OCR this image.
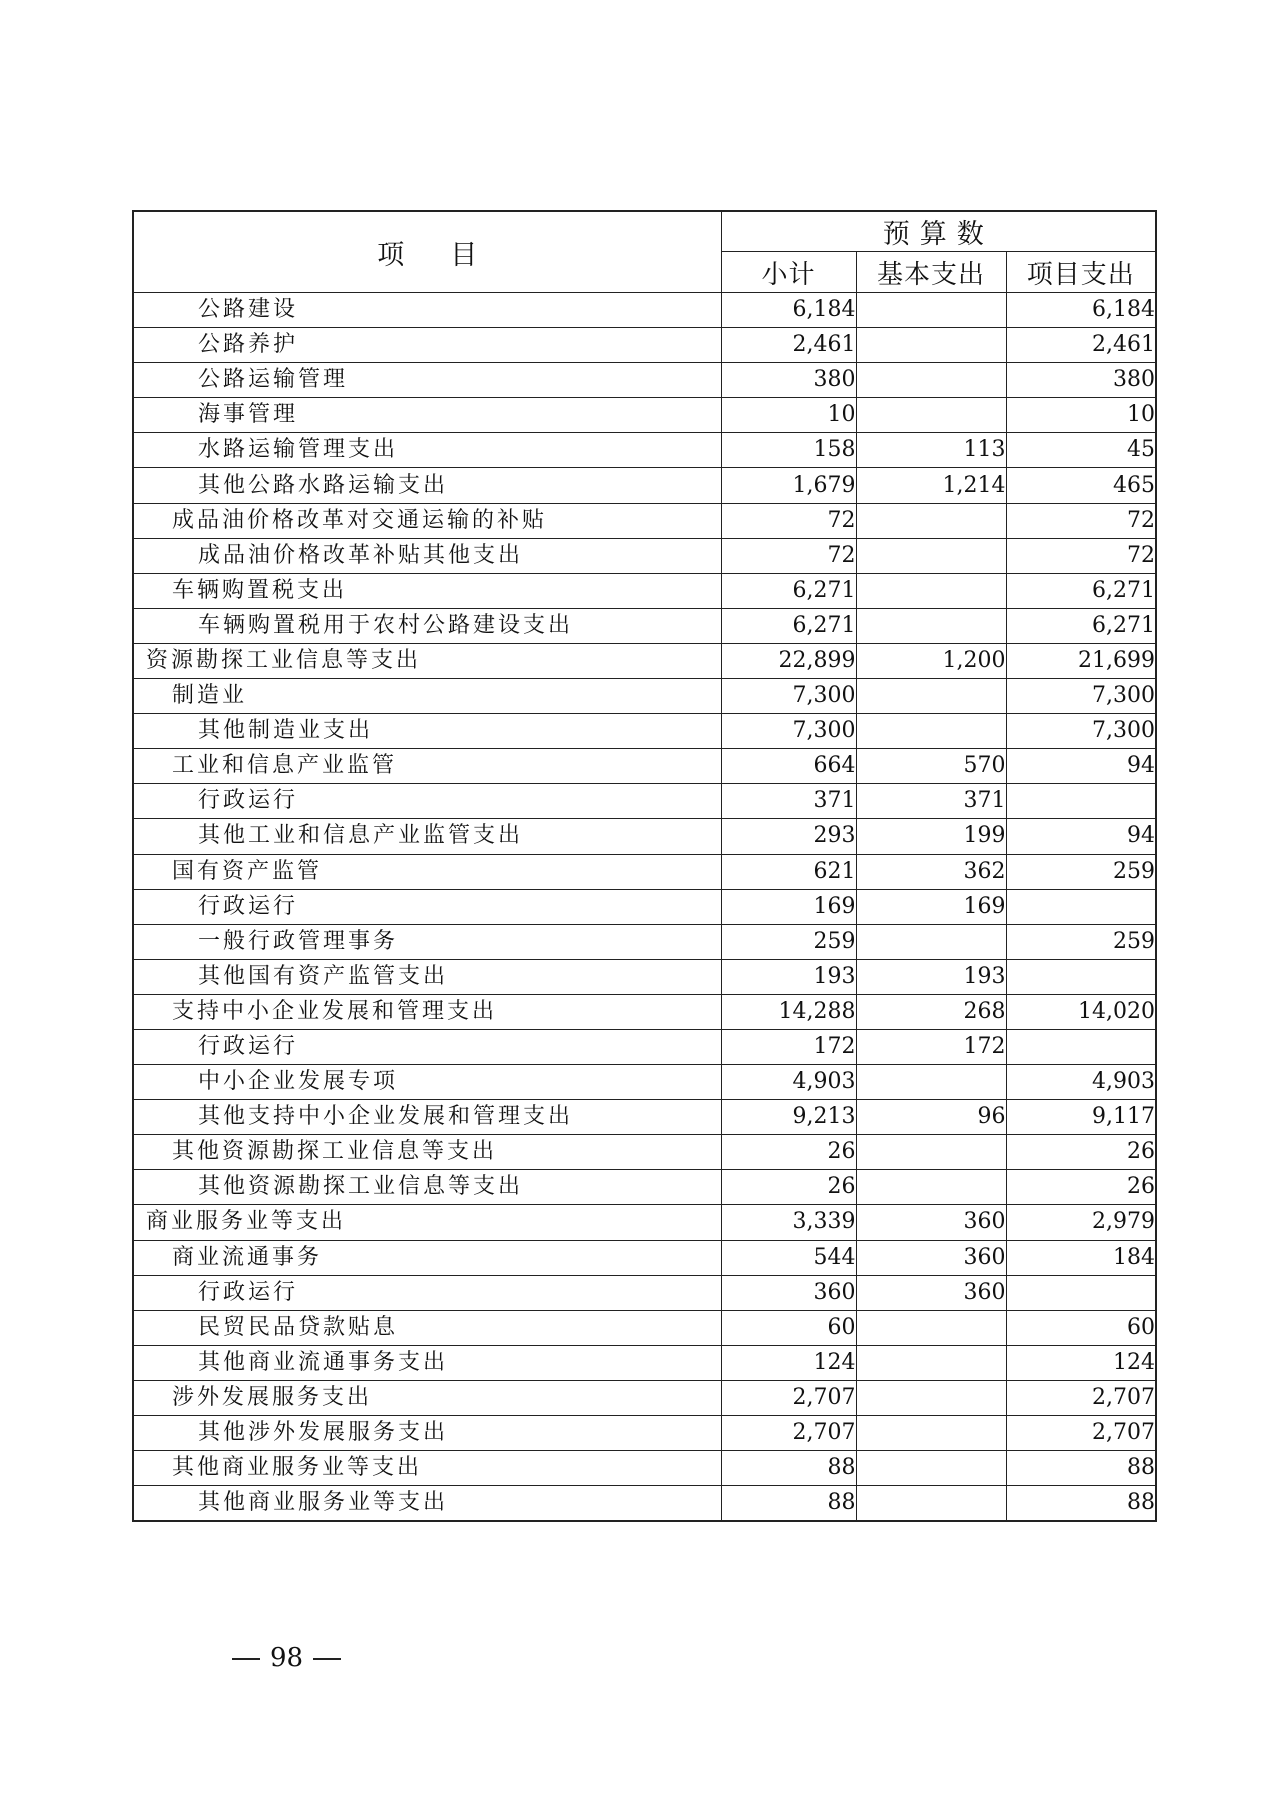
项 目	预算数		
	小计	基本支出	项目支出
公路建设	6,184		6,184
公路养护	2,461		2,461
公路运输管理	380		380
海事管理	10		10
水路运输管理支出	158	113	45
其他公路水路运输支出	1,679	1,214	465
成品油价格改革对交通运输的补贴	72		72
成品油价格改革补贴其他支出	72		72
车辆购置税支出	6,271		6,271
车辆购置税用于农村公路建设支出	6,271		6,271
资源勘探工业信息等支出	22,899	1,200	21,699
制造业	7,300		7,300
其他制造业支出	7,300		7,300
工业和信息产业监管	664	570	94
行政运行	371	371	
其他工业和信息产业监管支出	293	199	94
国有资产监管	621	362	259
行政运行	169	169	
一般行政管理事务	259		259
其他国有资产监管支出	193	193	
支持中小企业发展和管理支出	14,288	268	14,020
行政运行	172	172	
中小企业发展专项	4,903		4,903
其他支持中小企业发展和管理支出	9,213	96	9,117
其他资源勘探工业信息等支出	26		26
其他资源勘探工业信息等支出	26		26
商业服务业等支出	3,339	360	2,979
商业流通事务	544	360	184
行政运行	360	360	
民贸民品贷款贴息	60		60
其他商业流通事务支出	124		124
涉外发展服务支出	2,707		2,707
其他涉外发展服务支出	2,707		2,707
其他商业服务业等支出	88		88
其他商业服务业等支出	88		88
98
